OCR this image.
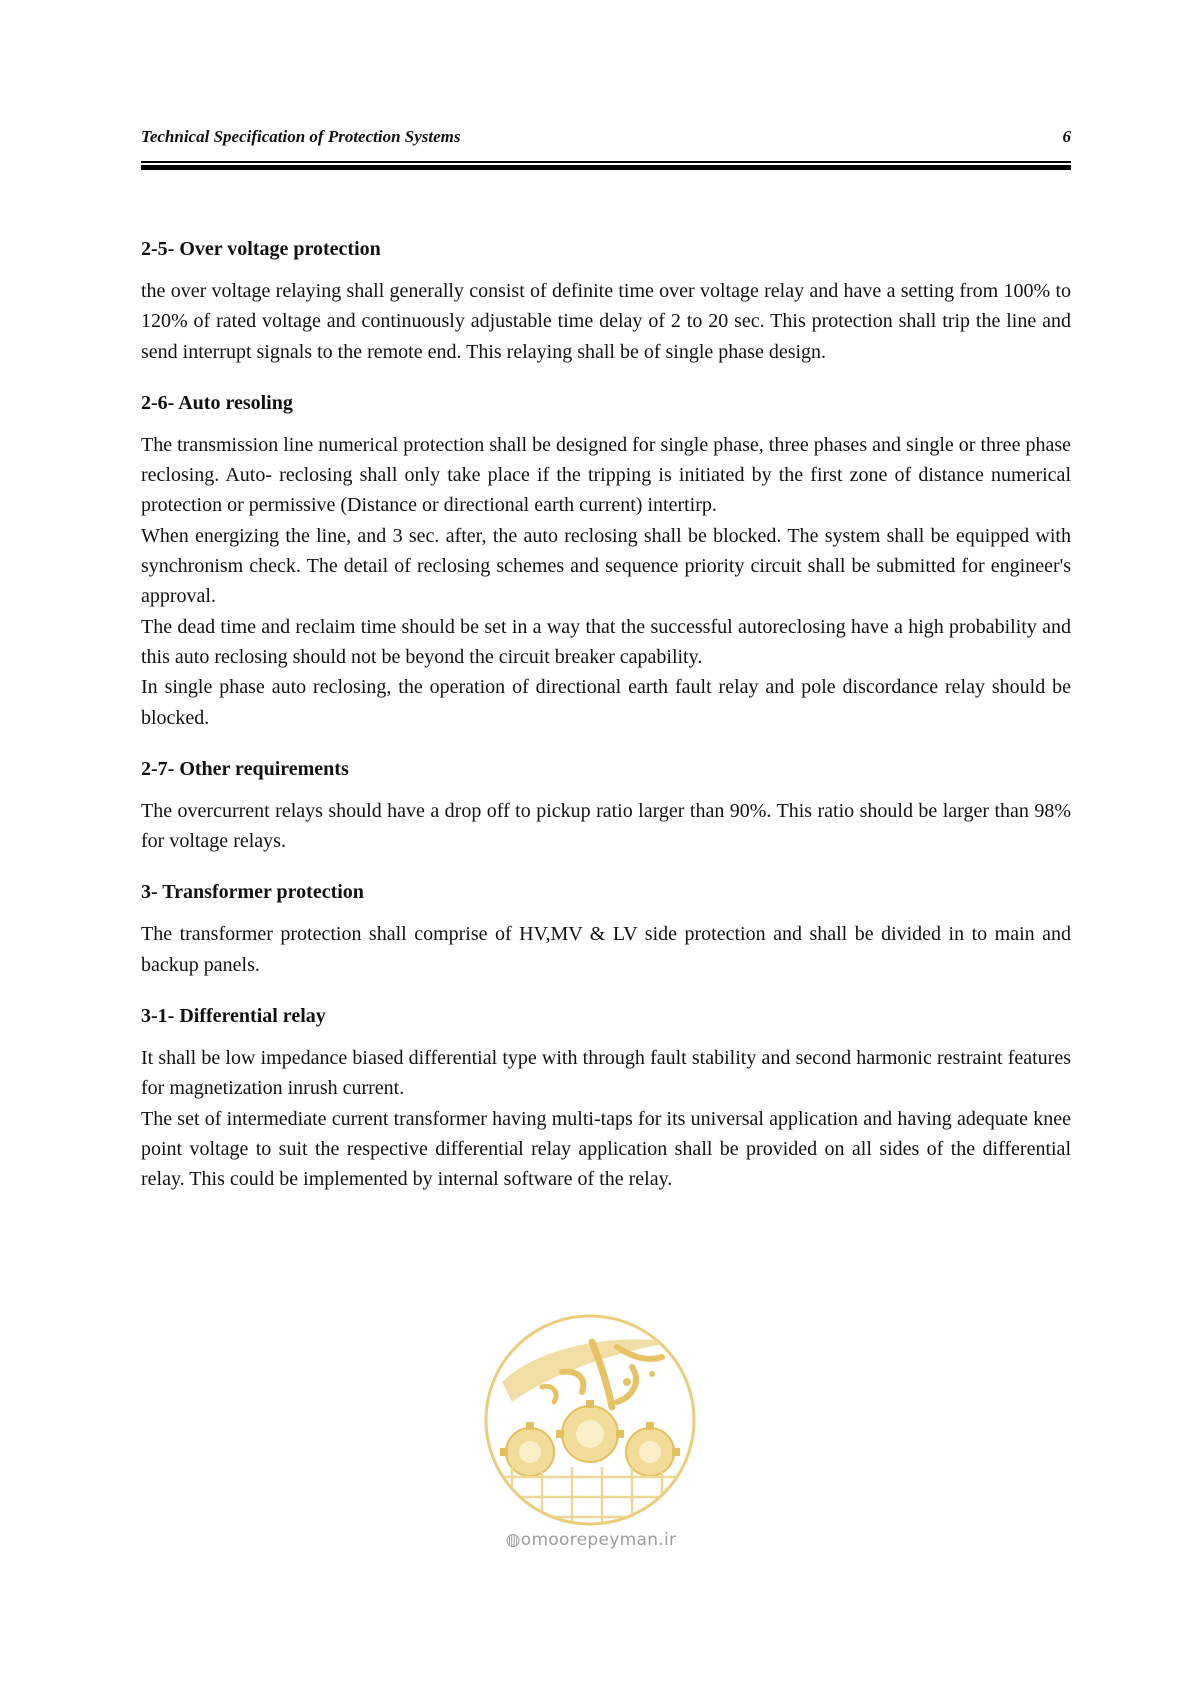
Technical Specification of Protection Systems	6
2-5- Over voltage protection

the over voltage relaying shall generally consist of definite time over voltage relay and have a setting from 100% to 120% of rated voltage and continuously adjustable time delay of 2 to 20 sec. This protection shall trip the line and send interrupt signals to the remote end. This relaying shall be of single phase design.

2-6- Auto resoling

The transmission line numerical protection shall be designed for single phase, three phases and single or three phase reclosing. Auto- reclosing shall only take place if the tripping is initiated by the first zone of distance numerical protection or permissive (Distance or directional earth current) intertirp.

When energizing the line, and 3 sec. after, the auto reclosing shall be blocked. The system shall be equipped with synchronism check. The detail of reclosing schemes and sequence priority circuit shall be submitted for engineer's approval.

The dead time and reclaim time should be set in a way that the successful autoreclosing have a high probability and this auto reclosing should not be beyond the circuit breaker capability.

In single phase auto reclosing, the operation of directional earth fault relay and pole discordance relay should be blocked.

2-7- Other requirements

The overcurrent relays should have a drop off to pickup ratio larger than 90%. This ratio should be larger than 98% for voltage relays.

3- Transformer protection

The transformer protection shall comprise of HV,MV & LV side protection and shall be divided in to main and backup panels.

3-1- Differential relay

It shall be low impedance biased differential type with through fault stability and second harmonic restraint features for magnetization inrush current.

The set of intermediate current transformer having multi-taps for its universal application and having adequate knee point voltage to suit the respective differential relay application shall be provided on all sides of the differential relay. This could be implemented by internal software of the relay.

◍omoorepeyman.ir
